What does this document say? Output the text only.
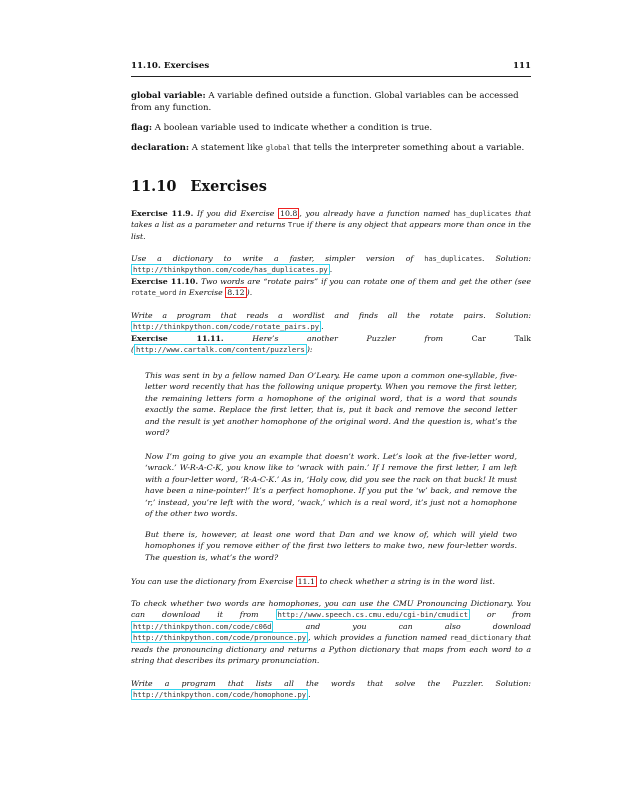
11.10. Exercises	111
global variable: A variable defined outside a function. Global variables can be accessed from any function.
flag: A boolean variable used to indicate whether a condition is true.
declaration: A statement like global that tells the interpreter something about a variable.
11.10 Exercises
Exercise 11.9. If you did Exercise 10.8 , you already have a function named has_duplicates that takes a list as a parameter and returns True if there is any object that appears more than once in the list.
Use a dictionary to write a faster, simpler version of has_duplicates. Solution: http://thinkpython.com/code/has_duplicates.py .
Exercise 11.10. Two words are “rotate pairs” if you can rotate one of them and get the other (see rotate_word in Exercise 8.12 ).
Write a program that reads a wordlist and finds all the rotate pairs. Solution: http://thinkpython.com/code/rotate_pairs.py .
Exercise 11.11.	Here’s another Puzzler from	Car Talk ( http://www.cartalk.com/content/puzzlers ):
This was sent in by a fellow named Dan O’Leary. He came upon a common one-syllable, five-letter word recently that has the following unique property. When you remove the first letter, the remaining letters form a homophone of the original word, that is a word that sounds exactly the same. Replace the first letter, that is, put it back and remove the second letter and the result is yet another homophone of the original word. And the question is, what’s the word?
Now I’m going to give you an example that doesn’t work. Let’s look at the five-letter word, ‘wrack.’ W-R-A-C-K, you know like to ‘wrack with pain.’ If I remove the first letter, I am left with a four-letter word, ’R-A-C-K.’ As in, ‘Holy cow, did you see the rack on that buck! It must have been a nine-pointer!’ It’s a perfect homophone. If you put the ‘w’ back, and remove the ‘r,’ instead, you’re left with the word, ‘wack,’ which is a real word, it’s just not a homophone of the other two words.
But there is, however, at least one word that Dan and we know of, which will yield two homophones if you remove either of the first two letters to make two, new four-letter words. The question is, what’s the word?
You can use the dictionary from Exercise 11.1 to check whether a string is in the word list.
To check whether two words are homophones, you can use the CMU Pronouncing Dictionary. You can download it from	http://www.speech.cs.cmu.edu/cgi-bin/cmudict or from http://thinkpython.com/code/c06d	and you can also download http://thinkpython.com/code/pronounce.py , which provides a function named read_dictionary that reads the pronouncing dictionary and returns a Python dictionary that maps from each word to a string that describes its primary pronunciation.
Write a program that lists all the words that solve the Puzzler. Solution: http://thinkpython.com/code/homophone.py .
